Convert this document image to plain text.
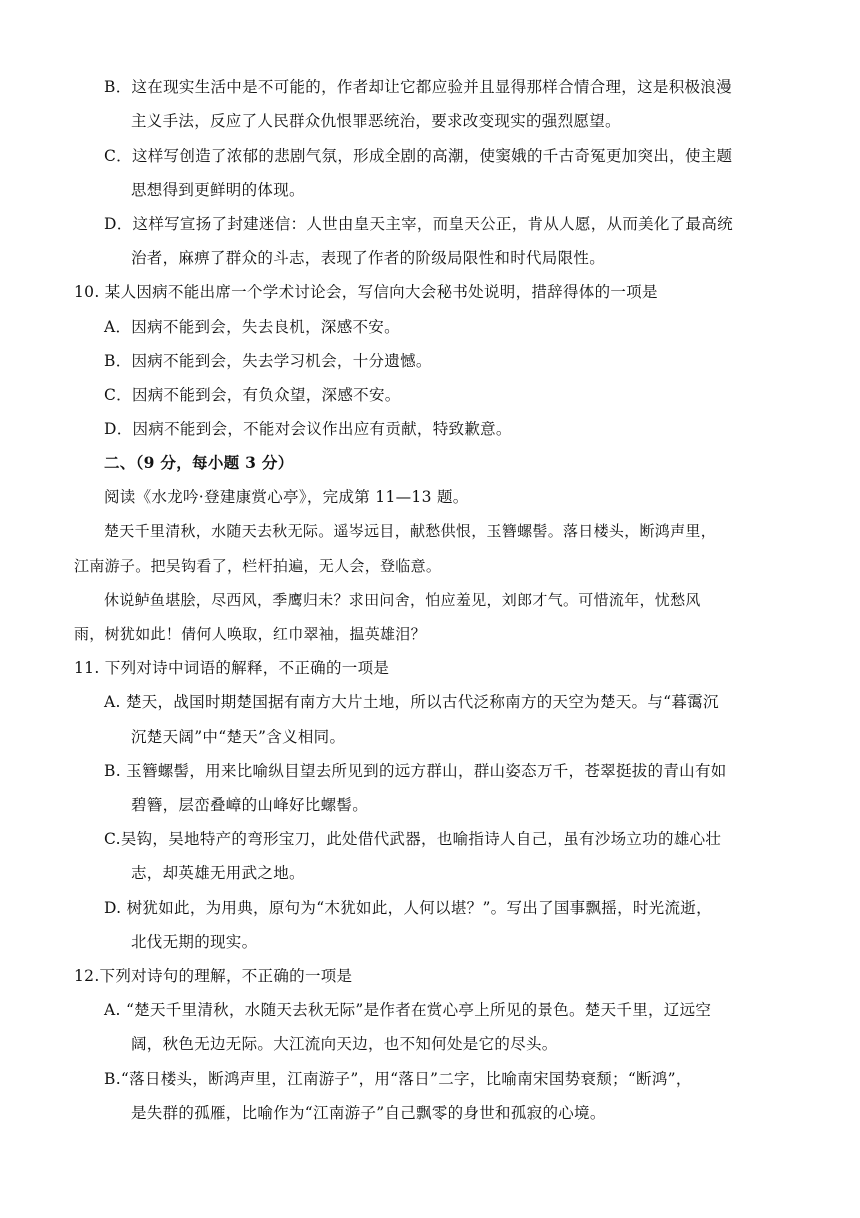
B．这在现实生活中是不可能的，作者却让它都应验并且显得那样合情合理，这是积极浪漫
主义手法，反应了人民群众仇恨罪恶统治，要求改变现实的强烈愿望。
C．这样写创造了浓郁的悲剧气氛，形成全剧的高潮，使窦娥的千古奇冤更加突出，使主题
思想得到更鲜明的体现。
D．这样写宣扬了封建迷信：人世由皇天主宰，而皇天公正，肯从人愿，从而美化了最高统
治者，麻痹了群众的斗志，表现了作者的阶级局限性和时代局限性。
10. 某人因病不能出席一个学术讨论会，写信向大会秘书处说明，措辞得体的一项是
A．因病不能到会，失去良机，深感不安。
B．因病不能到会，失去学习机会，十分遗憾。
C．因病不能到会，有负众望，深感不安。
D．因病不能到会，不能对会议作出应有贡献，特致歉意。
二、（9 分，每小题 3 分）
阅读《水龙吟·登建康赏心亭》，完成第 11—13 题。
楚天千里清秋，水随天去秋无际。遥岑远目，献愁供恨，玉簪螺髻。落日楼头，断鸿声里，
江南游子。把吴钩看了，栏杆拍遍，无人会，登临意。
休说鲈鱼堪脍，尽西风，季鹰归未？求田问舍，怕应羞见，刘郎才气。可惜流年，忧愁风
雨，树犹如此！倩何人唤取，红巾翠袖，揾英雄泪？
11. 下列对诗中词语的解释，不正确的一项是
A. 楚天，战国时期楚国据有南方大片土地，所以古代泛称南方的天空为楚天。与“暮霭沉
沉楚天阔”中“楚天”含义相同。
B. 玉簪螺髻，用来比喻纵目望去所见到的远方群山，群山姿态万千，苍翠挺拔的青山有如
碧簪，层峦叠嶂的山峰好比螺髻。
C.吴钩，吴地特产的弯形宝刀，此处借代武器，也喻指诗人自己，虽有沙场立功的雄心壮
志，却英雄无用武之地。
D. 树犹如此，为用典，原句为“木犹如此，人何以堪？”。写出了国事飘摇，时光流逝，
北伐无期的现实。
12.下列对诗句的理解，不正确的一项是
A. “楚天千里清秋，水随天去秋无际”是作者在赏心亭上所见的景色。楚天千里，辽远空
阔，秋色无边无际。大江流向天边，也不知何处是它的尽头。
B.“落日楼头，断鸿声里，江南游子”，用“落日”二字，比喻南宋国势衰颓；“断鸿”，
是失群的孤雁，比喻作为“江南游子”自己飘零的身世和孤寂的心境。
